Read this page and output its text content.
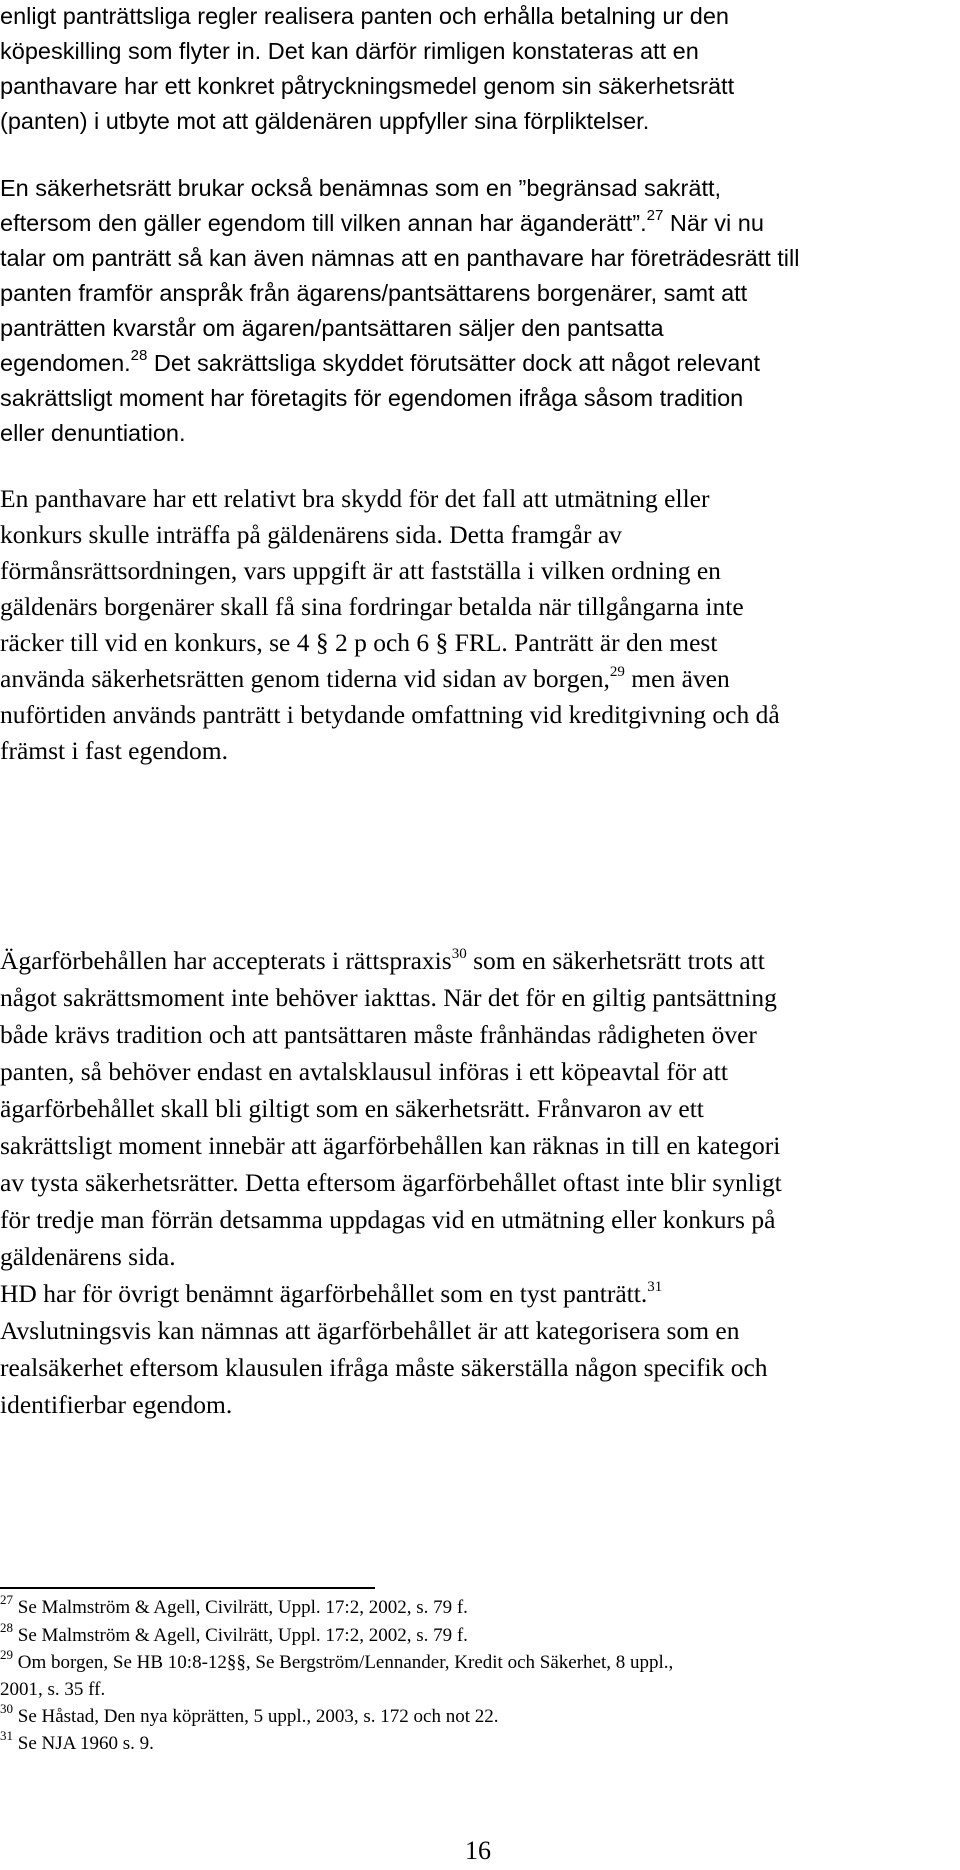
enligt panträttsliga regler realisera panten och erhålla betalning ur den
köpeskilling som flyter in. Det kan därför rimligen konstateras att en
panthavare har ett konkret påtryckningsmedel genom sin säkerhetsrätt
(panten) i utbyte mot att gäldenären uppfyller sina förpliktelser.
En säkerhetsrätt brukar också benämnas som en ”begränsad sakrätt,
eftersom den gäller egendom till vilken annan har äganderätt”.$^{27}$ När vi nu
talar om panträtt så kan även nämnas att en panthavare har företrädesrätt till
panten framför anspråk från ägarens/pantsättarens borgenärer, samt att
panträtten kvarstår om ägaren/pantsättaren säljer den pantsatta
egendomen.$^{28}$ Det sakrättsliga skyddet förutsätter dock att något relevant
sakrättsligt moment har företagits för egendomen ifråga såsom tradition
eller denuntiation.
En panthavare har ett relativt bra skydd för det fall att utmätning eller
konkurs skulle inträffa på gäldenärens sida. Detta framgår av
förmånsrättsordningen, vars uppgift är att fastställa i vilken ordning en
gäldenärs borgenärer skall få sina fordringar betalda när tillgångarna inte
räcker till vid en konkurs, se 4 § 2 p och 6 § FRL. Panträtt är den mest
använda säkerhetsrätten genom tiderna vid sidan av borgen,$^{29}$ men även
nuförtiden används panträtt i betydande omfattning vid kreditgivning och då
främst i fast egendom.
Ägarförbehållen har accepterats i rättspraxis$^{30}$ som en säkerhetsrätt trots att
något sakrättsmoment inte behöver iakttas. När det för en giltig pantsättning
både krävs tradition och att pantsättaren måste frånhändas rådigheten över
panten, så behöver endast en avtalsklausul införas i ett köpeavtal för att
ägarförbehållet skall bli giltigt som en säkerhetsrätt. Frånvaron av ett
sakrättsligt moment innebär att ägarförbehållen kan räknas in till en kategori
av tysta säkerhetsrätter. Detta eftersom ägarförbehållet oftast inte blir synligt
för tredje man förrän detsamma uppdagas vid en utmätning eller konkurs på
gäldenärens sida.
HD har för övrigt benämnt ägarförbehållet som en tyst panträtt.$^{31}$
Avslutningsvis kan nämnas att ägarförbehållet är att kategorisera som en
realsäkerhet eftersom klausulen ifråga måste säkerställa någon specifik och
identifierbar egendom.
$^{27}$ Se Malmström & Agell, Civilrätt, Uppl. 17:2, 2002, s. 79 f.
$^{28}$ Se Malmström & Agell, Civilrätt, Uppl. 17:2, 2002, s. 79 f.
$^{29}$ Om borgen, Se HB 10:8-12§§, Se Bergström/Lennander, Kredit och Säkerhet, 8 uppl.,
2001, s. 35 ff.
$^{30}$ Se Håstad, Den nya köprätten, 5 uppl., 2003, s. 172 och not 22.
$^{31}$ Se NJA 1960 s. 9.
16
